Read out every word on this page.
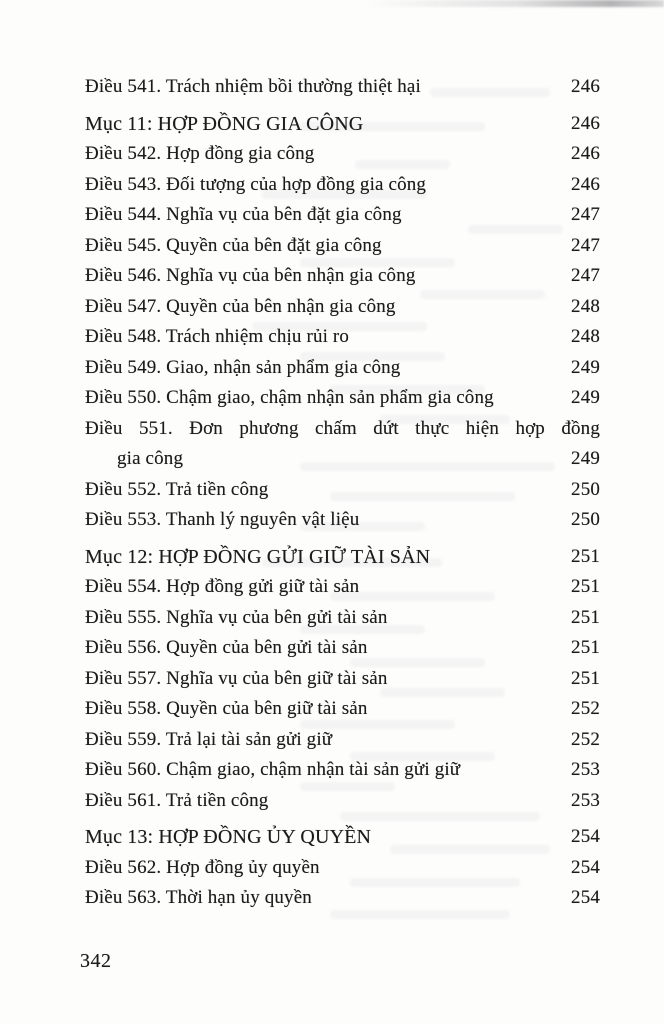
Điều 541. Trách nhiệm bồi thường thiệt hại	246
Mục 11: HỢP ĐỒNG GIA CÔNG	246
Điều 542. Hợp đồng gia công	246
Điều 543. Đối tượng của hợp đồng gia công	246
Điều 544. Nghĩa vụ của bên đặt gia công	247
Điều 545. Quyền của bên đặt gia công	247
Điều 546. Nghĩa vụ của bên nhận gia công	247
Điều 547. Quyền của bên nhận gia công	248
Điều 548. Trách nhiệm chịu rủi ro	248
Điều 549. Giao, nhận sản phẩm gia công	249
Điều 550. Chậm giao, chậm nhận sản phẩm gia công	249
Điều 551. Đơn phương chấm dứt thực hiện hợp đồng
gia công	249
Điều 552. Trả tiền công	250
Điều 553. Thanh lý nguyên vật liệu	250
Mục 12: HỢP ĐỒNG GỬI GIỮ TÀI SẢN	251
Điều 554. Hợp đồng gửi giữ tài sản	251
Điều 555. Nghĩa vụ của bên gửi tài sản	251
Điều 556. Quyền của bên gửi tài sản	251
Điều 557. Nghĩa vụ của bên giữ tài sản	251
Điều 558. Quyền của bên giữ tài sản	252
Điều 559. Trả lại tài sản gửi giữ	252
Điều 560. Chậm giao, chậm nhận tài sản gửi giữ	253
Điều 561. Trả tiền công	253
Mục 13: HỢP ĐỒNG ỦY QUYỀN	254
Điều 562. Hợp đồng ủy quyền	254
Điều 563. Thời hạn ủy quyền	254
342
